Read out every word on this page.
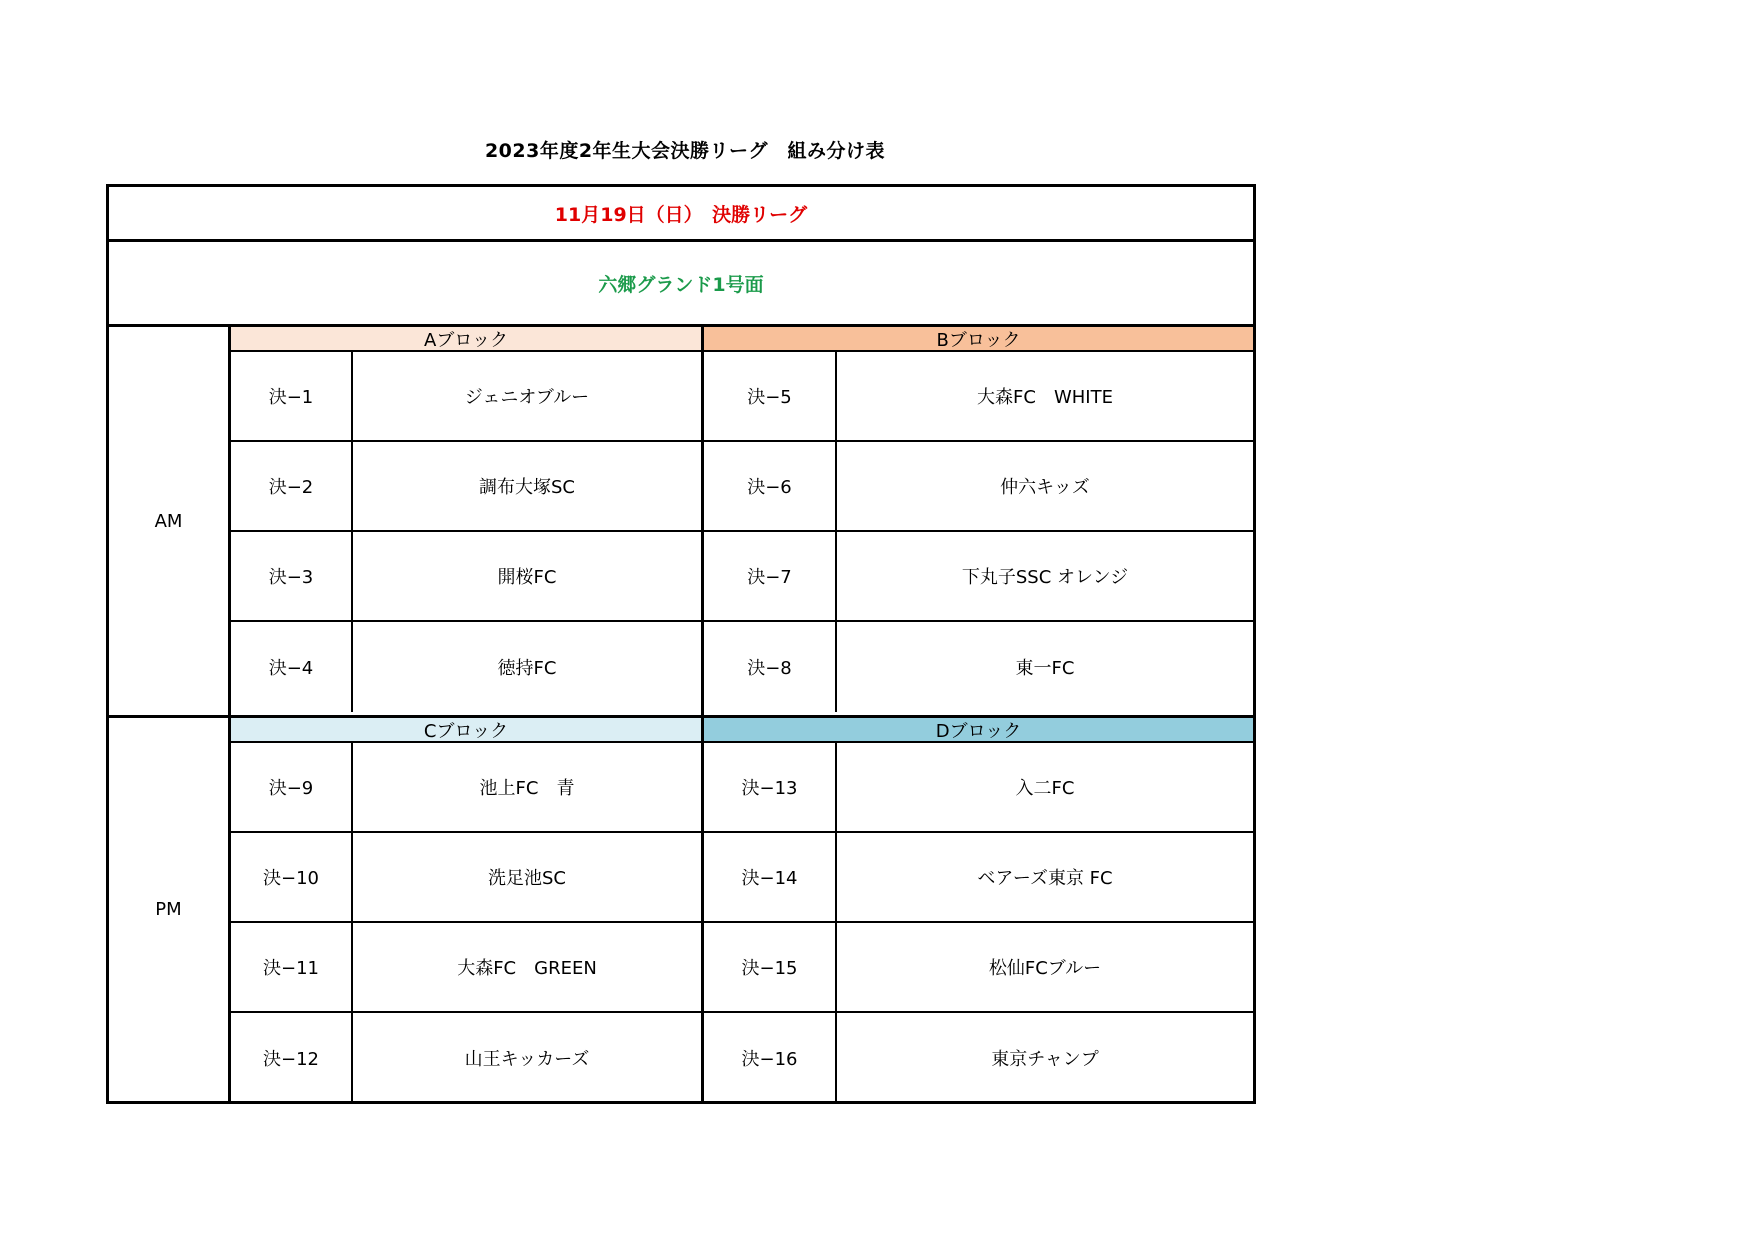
2023年度2年生大会決勝リーグ　組み分け表
11月19日（日）　決勝リーグ
六郷グランド1号面
AM
Aブロック
決−1	ジェニオブルー
決−2	調布大塚SC
決−3	開桜FC
決−4	徳持FC
Bブロック
決−5	大森FC　WHITE
決−6	仲六キッズ
決−7	下丸子SSC オレンジ
決−8	東一FC
PM
Cブロック
決−9	池上FC　青
決−10	洗足池SC
決−11	大森FC　GREEN
決−12	山王キッカーズ
Dブロック
決−13	入二FC
決−14	ベアーズ東京 FC
決−15	松仙FCブルー
決−16	東京チャンプ
